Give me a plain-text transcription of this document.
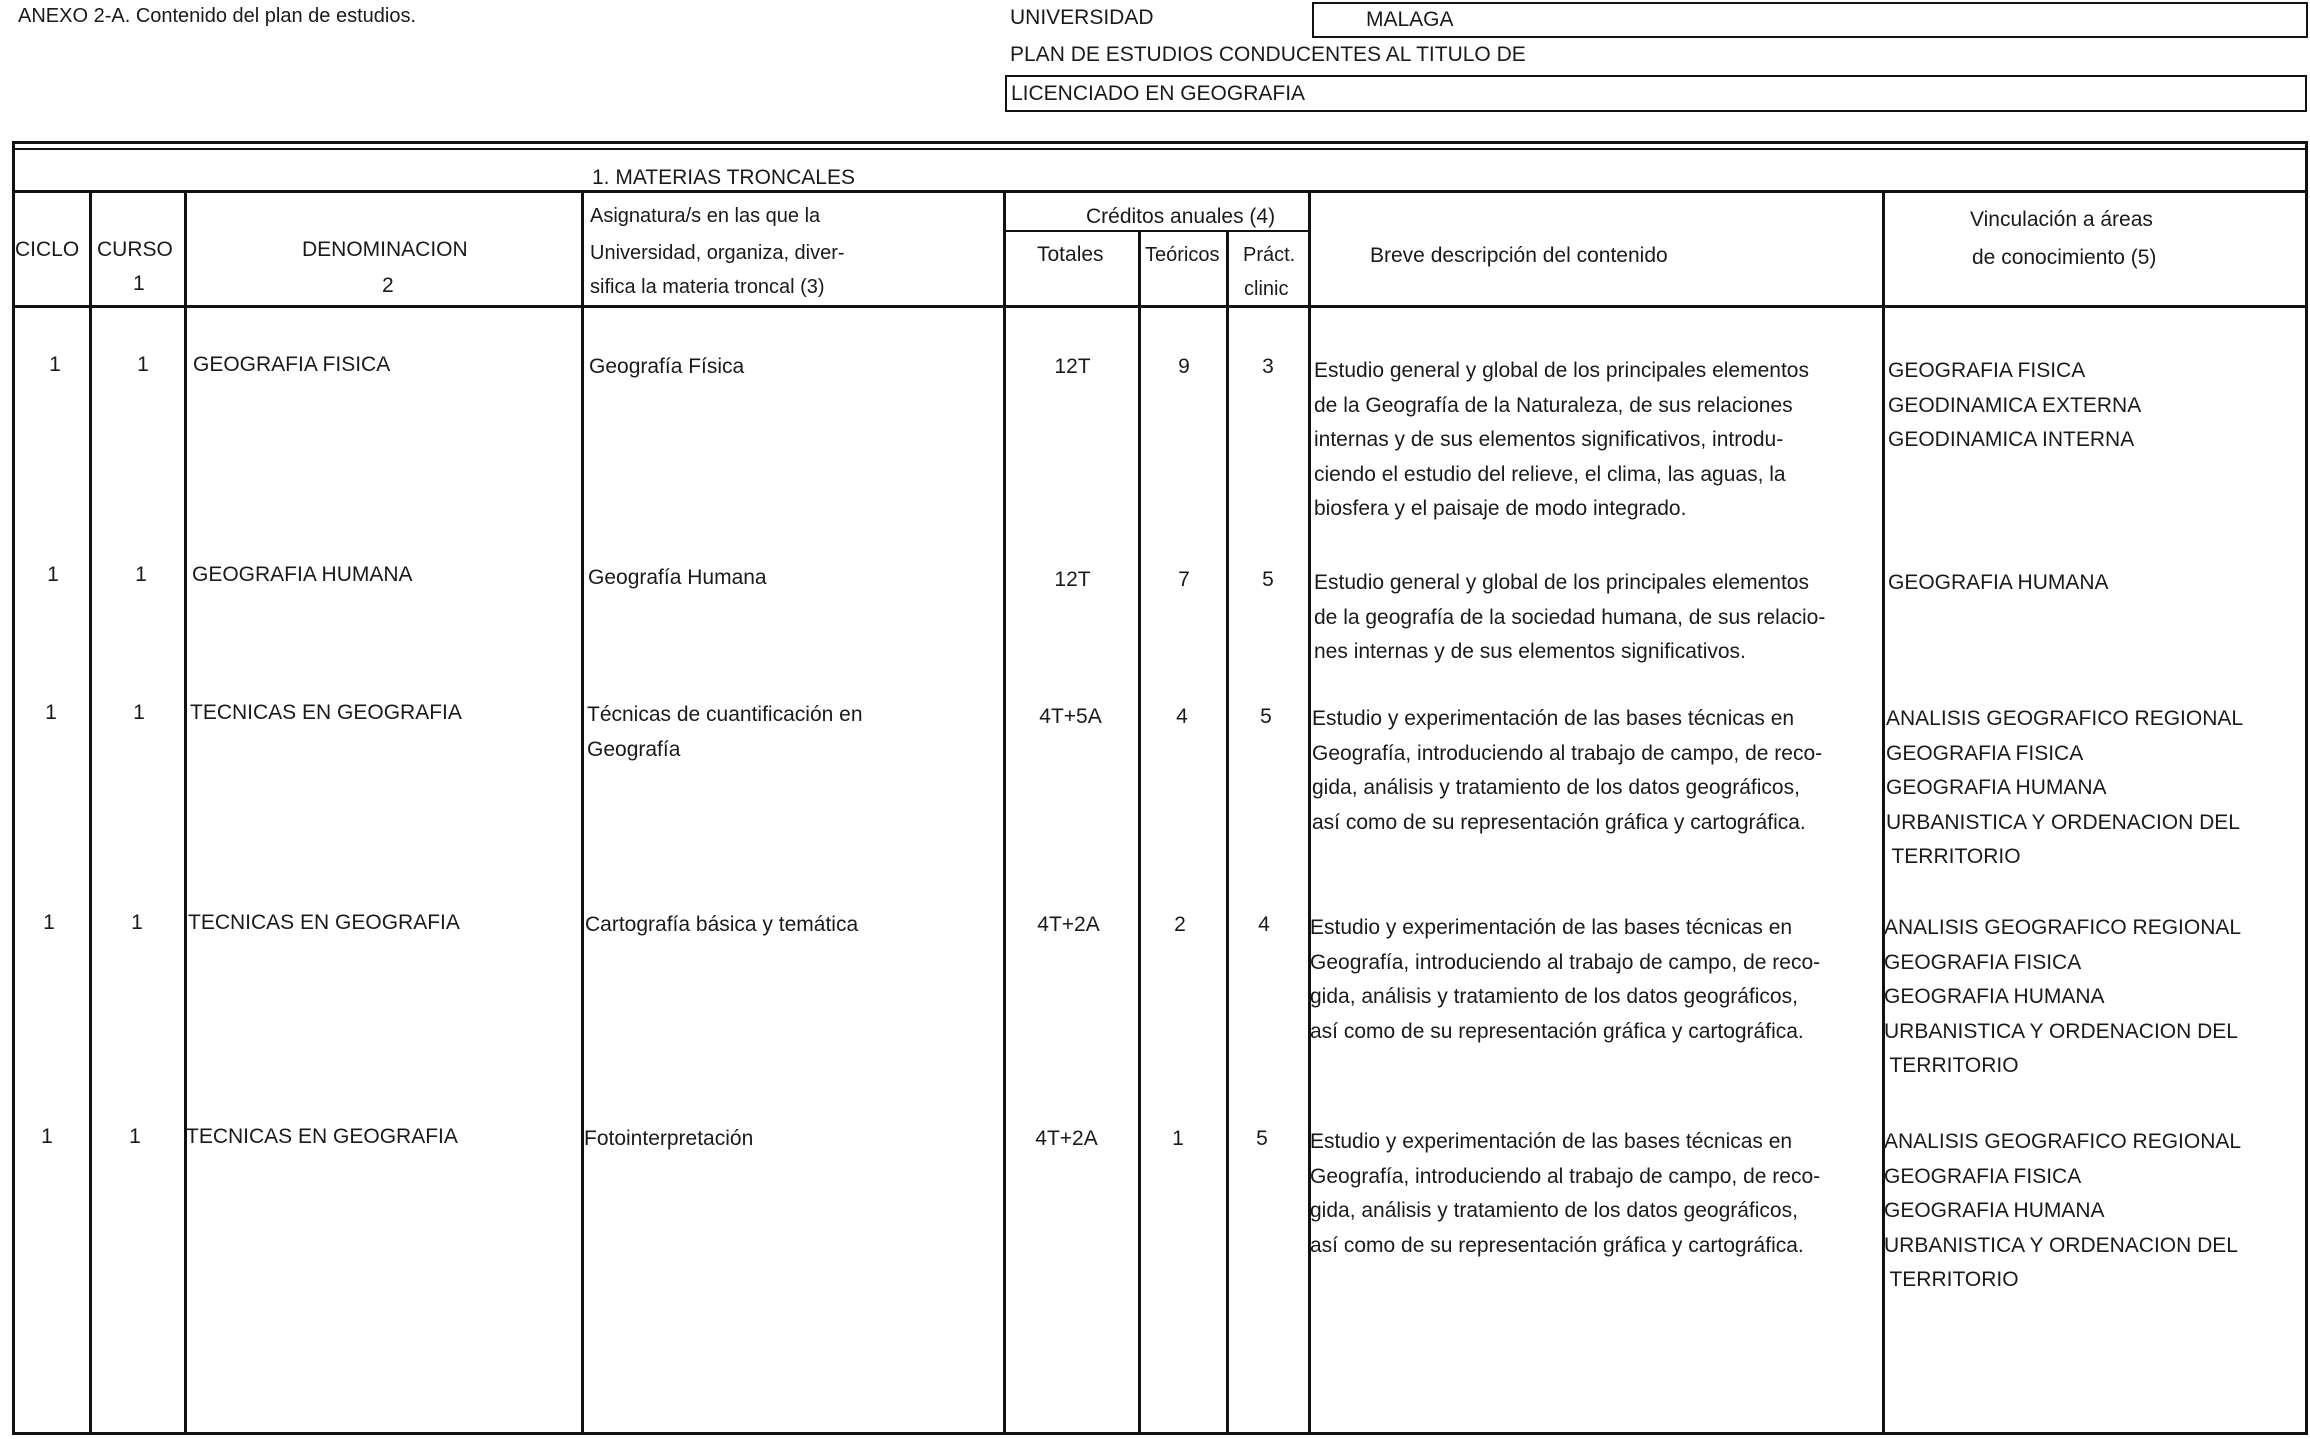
ANEXO 2-A. Contenido del plan de estudios.	UNIVERSIDAD	MALAGA
PLAN DE ESTUDIOS CONDUCENTES AL TITULO DE
LICENCIADO EN GEOGRAFIA
1. MATERIAS TRONCALES
CICLO CURSO
1
DENOMINACION
2
Asignatura/s en las que la
Universidad, organiza, diver-
sifica la materia troncal (3)
Créditos anuales (4)
Totales Teóricos Práct.
clinic
Breve descripción del contenido
Vinculación a áreas
de conocimiento (5)
1	1	GEOGRAFIA FISICA	Geografía Física	12T	9	3	Estudio general y global de los principales elementos
de la Geografía de la Naturaleza, de sus relaciones
internas y de sus elementos significativos, introdu-
ciendo el estudio del relieve, el clima, las aguas, la
biosfera y el paisaje de modo integrado.
GEOGRAFIA FISICA
GEODINAMICA EXTERNA
GEODINAMICA INTERNA
1	1	GEOGRAFIA HUMANA	Geografía Humana	12T	7	5	Estudio general y global de los principales elementos
de la geografía de la sociedad humana, de sus relacio-
nes internas y de sus elementos significativos.
GEOGRAFIA HUMANA
1	1	TECNICAS EN GEOGRAFIA	Técnicas de cuantificación en
Geografía
4T+5A	4	5	Estudio y experimentación de las bases técnicas en
Geografía, introduciendo al trabajo de campo, de reco-
gida, análisis y tratamiento de los datos geográficos,
así como de su representación gráfica y cartográfica.
ANALISIS GEOGRAFICO REGIONAL
GEOGRAFIA FISICA
GEOGRAFIA HUMANA
URBANISTICA Y ORDENACION DEL
TERRITORIO
1	1	TECNICAS EN GEOGRAFIA	Cartografía básica y temática	4T+2A	2	4	Estudio y experimentación de las bases técnicas en
Geografía, introduciendo al trabajo de campo, de reco-
gida, análisis y tratamiento de los datos geográficos,
así como de su representación gráfica y cartográfica.
ANALISIS GEOGRAFICO REGIONAL
GEOGRAFIA FISICA
GEOGRAFIA HUMANA
URBANISTICA Y ORDENACION DEL
TERRITORIO
1	1	TECNICAS EN GEOGRAFIA	Fotointerpretación	4T+2A	1	5	Estudio y experimentación de las bases técnicas en
Geografía, introduciendo al trabajo de campo, de reco-
gida, análisis y tratamiento de los datos geográficos,
así como de su representación gráfica y cartográfica.
ANALISIS GEOGRAFICO REGIONAL
GEOGRAFIA FISICA
GEOGRAFIA HUMANA
URBANISTICA Y ORDENACION DEL
TERRITORIO
